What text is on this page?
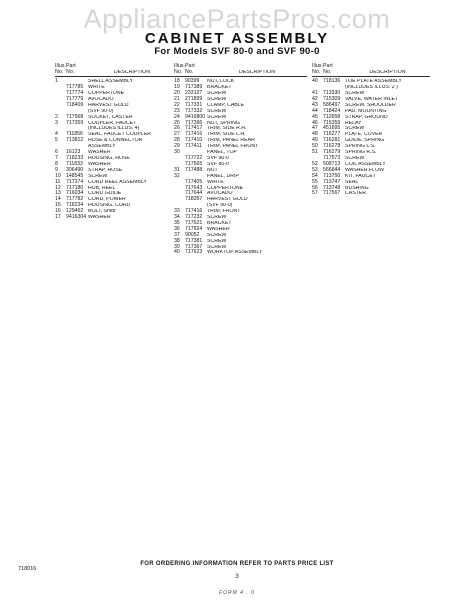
AppliancePartsPros.com
CABINET ASSEMBLY
For Models SVF 80-0 and SVF 90-0
Illus.
No.
Part
No.	DESCRIPTION
1	SHELL ASSEMBLY
717785 WHITE
717774 COPPERTONE
717779 AVOCADO
718409 HARVEST GOLD
(SVF 90-0)
2	717568 SOCKET, CASTER
3	717359 COUPLER, FAUCET
(INCLUDES ILLUS. 4)
4	711856 SEAL, FAUCET COUPLER
5	713812 HOSE & CONNECTOR
ASSEMBLY
6	16123	WASHER
7	718233 HOUSING, HOSE
8	711833 WASHER
9	306490 STRAP, HOSE
10	148545 SCREW
11	717374 CORD REEL ASSEMBLY
12	717180 HUB, REEL
13	716034 CORD GUIDE
14	717782 CORD, POWER
15	718234 HOUSING, CORD
16	129462 BOLT, Shldr
17	9416304 WASHER
Illus.
No.
Part
No.	DESCRIPTION
18	90399	NUT, LOCK
19	717389 BRACKET
20	233127 SCREW
21	271899 SCREW
22	717331 CLAMP, CABLE
23	717332 SCREW
24	9416800 SCREW
25	717396 NUT, SPRING
26	717417 TRIM, SIDE R.H.
27	717416 TRIM, SIDE L.H.
28	717410 TRIM, PANEL REAR
29	717411 TRIM, PANEL FRONT
30	PANEL, TOP
717722 SVF 90-0
717565 SVF 80-0
31	717488 NUT
32	PANEL, DRIP
717405 WHITE
717643 COPPERTONE
717644 AVOCADO
718357 HARVEST GOLD
(SVF 90-0)
33	717416 TRIM, FRONT
34	717232 SCREW
35	717621 BRACKET
36	717624 WASHER
37	90052	SCREW
38	717381 SCREW
39	717367 SCREW
40	717623 WORKTOP ASSEMBLY
Illus.
No.
Part
No.	DESCRIPTION
40	718136 TOE PLATE ASSEMBLY
(INCLUDES ILLUS. 2 )
41	713330 SCREW
42	715309 VALVE, WATER INLET
43	586497 SCREW, SHOULDER
44	718424 PAD, MOUNTING
45	712658 STRAP, GROUND
46	715359 RELAY
47	451695 SCREW
48	716277 PLATE, COVER
49	716281 GUIDE, SPRING
50	716278 SPRING L.S.
51	716279 SPRING R.S.
717573 SCREW
52	508713 COIL ASSEMBLY
53	566844 WASHER FLOW
54	713750 KIT, FAUCET
55	713747 SEAL
56	713748 BUSHING
57	717567 CASTER
718016
FOR ORDERING INFORMATION REFER TO PARTS PRICE LIST
3
FORM 4 . 0
